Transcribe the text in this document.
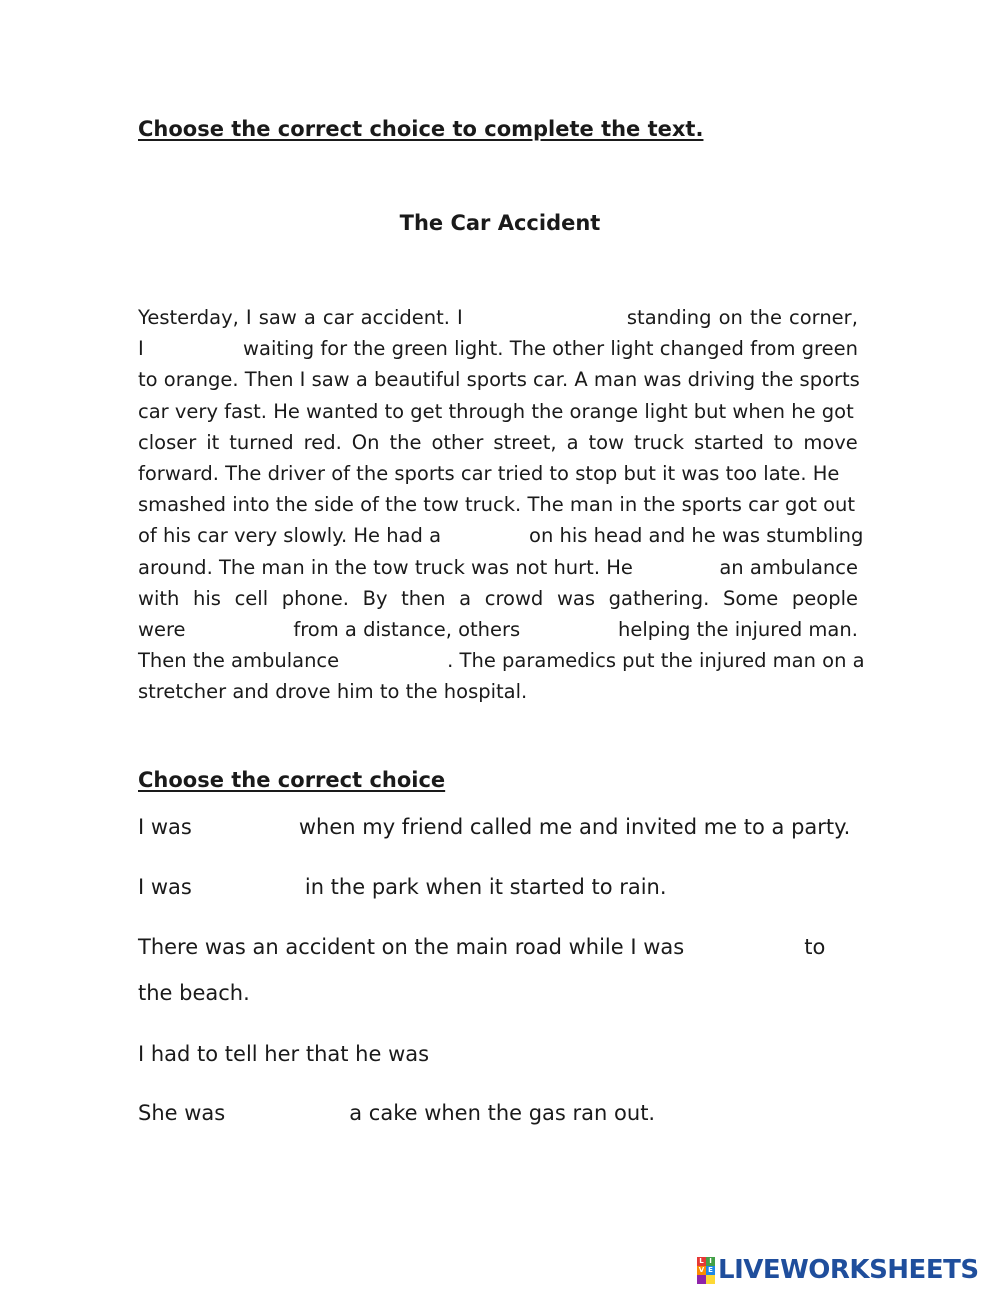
Choose the correct choice to complete the text.
The Car Accident
Yesterday, I saw a car accident. I	standing on the corner,
I	waiting for the green light. The other light changed from green
to orange. Then I saw a beautiful sports car. A man was driving the sports
car very fast. He wanted to get through the orange light but when he got
closer it turned red. On the other street, a tow truck started to move
forward. The driver of the sports car tried to stop but it was too late. He
smashed into the side of the tow truck. The man in the sports car got out
of his car very slowly. He had a	on his head and he was stumbling
around. The man in the tow truck was not hurt. He	an ambulance
with his cell phone. By then a crowd was gathering. Some people
were	from a distance, others	helping the injured man.
Then the ambulance	. The paramedics put the injured man on a
stretcher and drove him to the hospital.
Choose the correct choice
I was	when my friend called me and invited me to a party.
I was	in the park when it started to rain.
There was an accident on the main road while I was	to
the beach.
I had to tell her that he was
She was	a cake when the gas ran out.
L I
V E LIVEWORKSHEETS
